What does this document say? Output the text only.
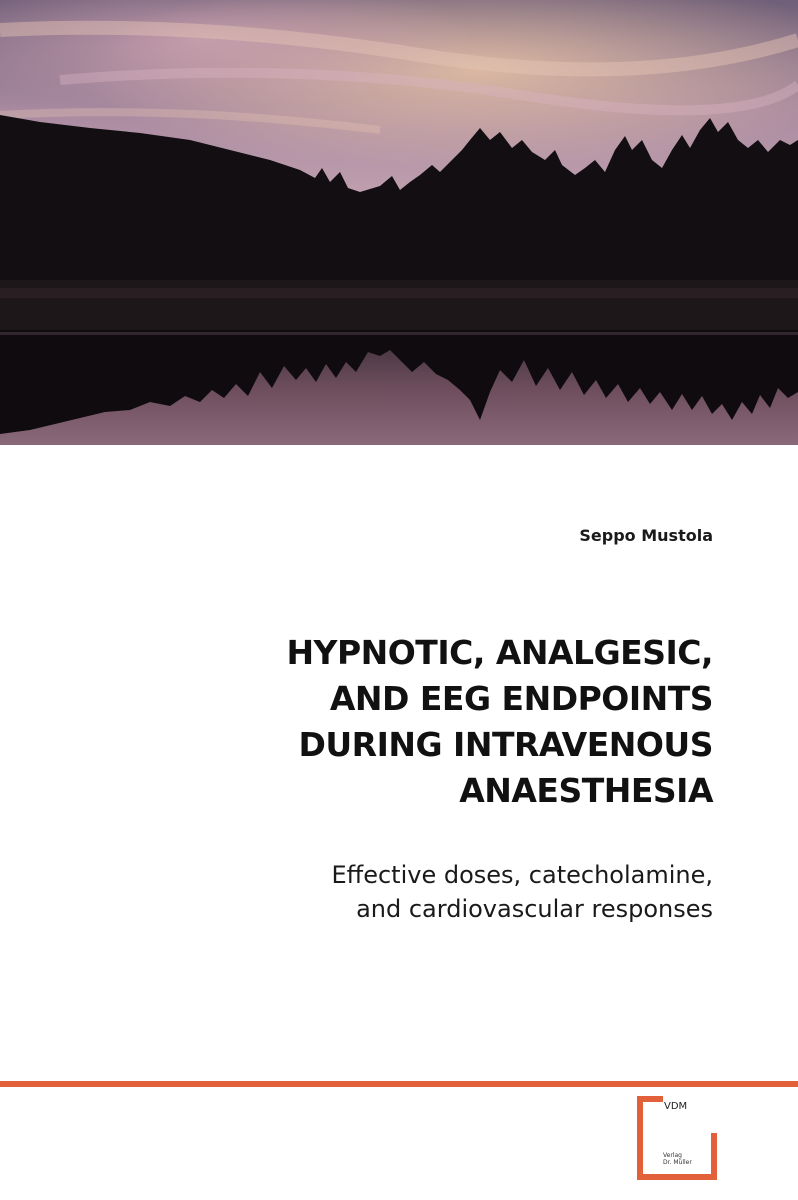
Seppo Mustola
HYPNOTIC, ANALGESIC,
AND EEG ENDPOINTS
DURING INTRAVENOUS
ANAESTHESIA
Effective doses, catecholamine,
and cardiovascular responses
VDM
Verlag
Dr. Müller
